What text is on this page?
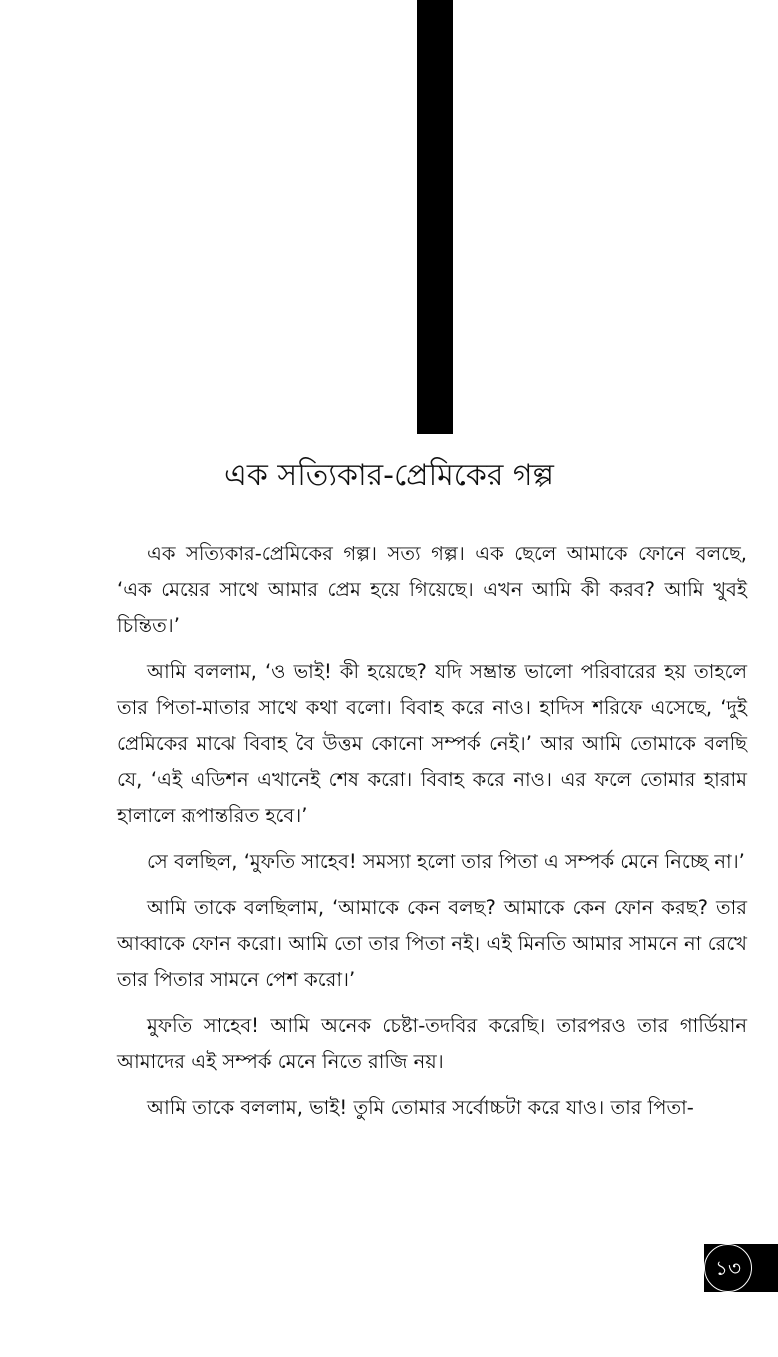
এক সত্যিকার-প্রেমিকের গল্প

এক সত্যিকার-প্রেমিকের গল্প। সত্য গল্প। এক ছেলে আমাকে ফোনে বলছে, ‘এক মেয়ের সাথে আমার প্রেম হয়ে গিয়েছে। এখন আমি কী করব? আমি খুবই চিন্তিত।’

আমি বললাম, ‘ও ভাই! কী হয়েছে? যদি সম্ভ্রান্ত ভালো পরিবারের হয় তাহলে তার পিতা-মাতার সাথে কথা বলো। বিবাহ করে নাও। হাদিস শরিফে এসেছে, ‘দুই প্রেমিকের মাঝে বিবাহ বৈ উত্তম কোনো সম্পর্ক নেই।’ আর আমি তোমাকে বলছি যে, ‘এই এডিশন এখানেই শেষ করো। বিবাহ করে নাও। এর ফলে তোমার হারাম হালালে রূপান্তরিত হবে।’

সে বলছিল, ‘মুফতি সাহেব! সমস্যা হলো তার পিতা এ সম্পর্ক মেনে নিচ্ছে না।’

আমি তাকে বলছিলাম, ‘আমাকে কেন বলছ? আমাকে কেন ফোন করছ? তার আব্বাকে ফোন করো। আমি তো তার পিতা নই। এই মিনতি আমার সামনে না রেখে তার পিতার সামনে পেশ করো।’

মুফতি সাহেব! আমি অনেক চেষ্টা-তদবির করেছি। তারপরও তার গার্ডিয়ান আমাদের এই সম্পর্ক মেনে নিতে রাজি নয়।

আমি তাকে বললাম, ভাই! তুমি তোমার সর্বোচ্চটা করে যাও। তার পিতা-

১৩
